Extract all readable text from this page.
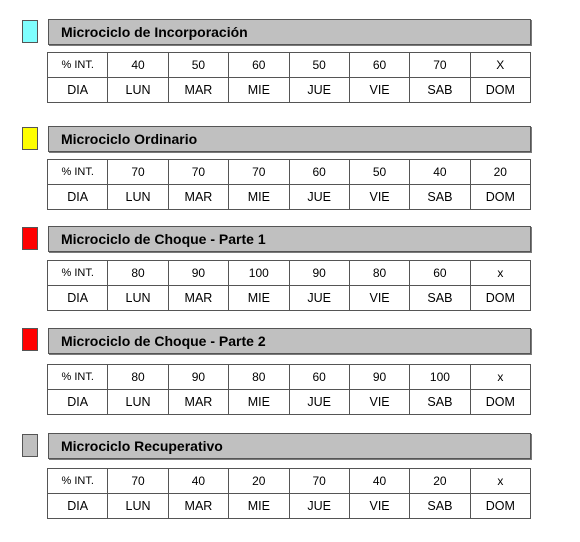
Microciclo de Incorporación
% INT.	40	50	60	50	60	70	X
DIA	LUN	MAR	MIE	JUE	VIE	SAB	DOM
Microciclo Ordinario
% INT.	70	70	70	60	50	40	20
DIA	LUN	MAR	MIE	JUE	VIE	SAB	DOM
Microciclo de Choque - Parte 1
% INT.	80	90	100	90	80	60	x
DIA	LUN	MAR	MIE	JUE	VIE	SAB	DOM
Microciclo de Choque - Parte 2
% INT.	80	90	80	60	90	100	x
DIA	LUN	MAR	MIE	JUE	VIE	SAB	DOM
Microciclo Recuperativo
% INT.	70	40	20	70	40	20	x
DIA	LUN	MAR	MIE	JUE	VIE	SAB	DOM
